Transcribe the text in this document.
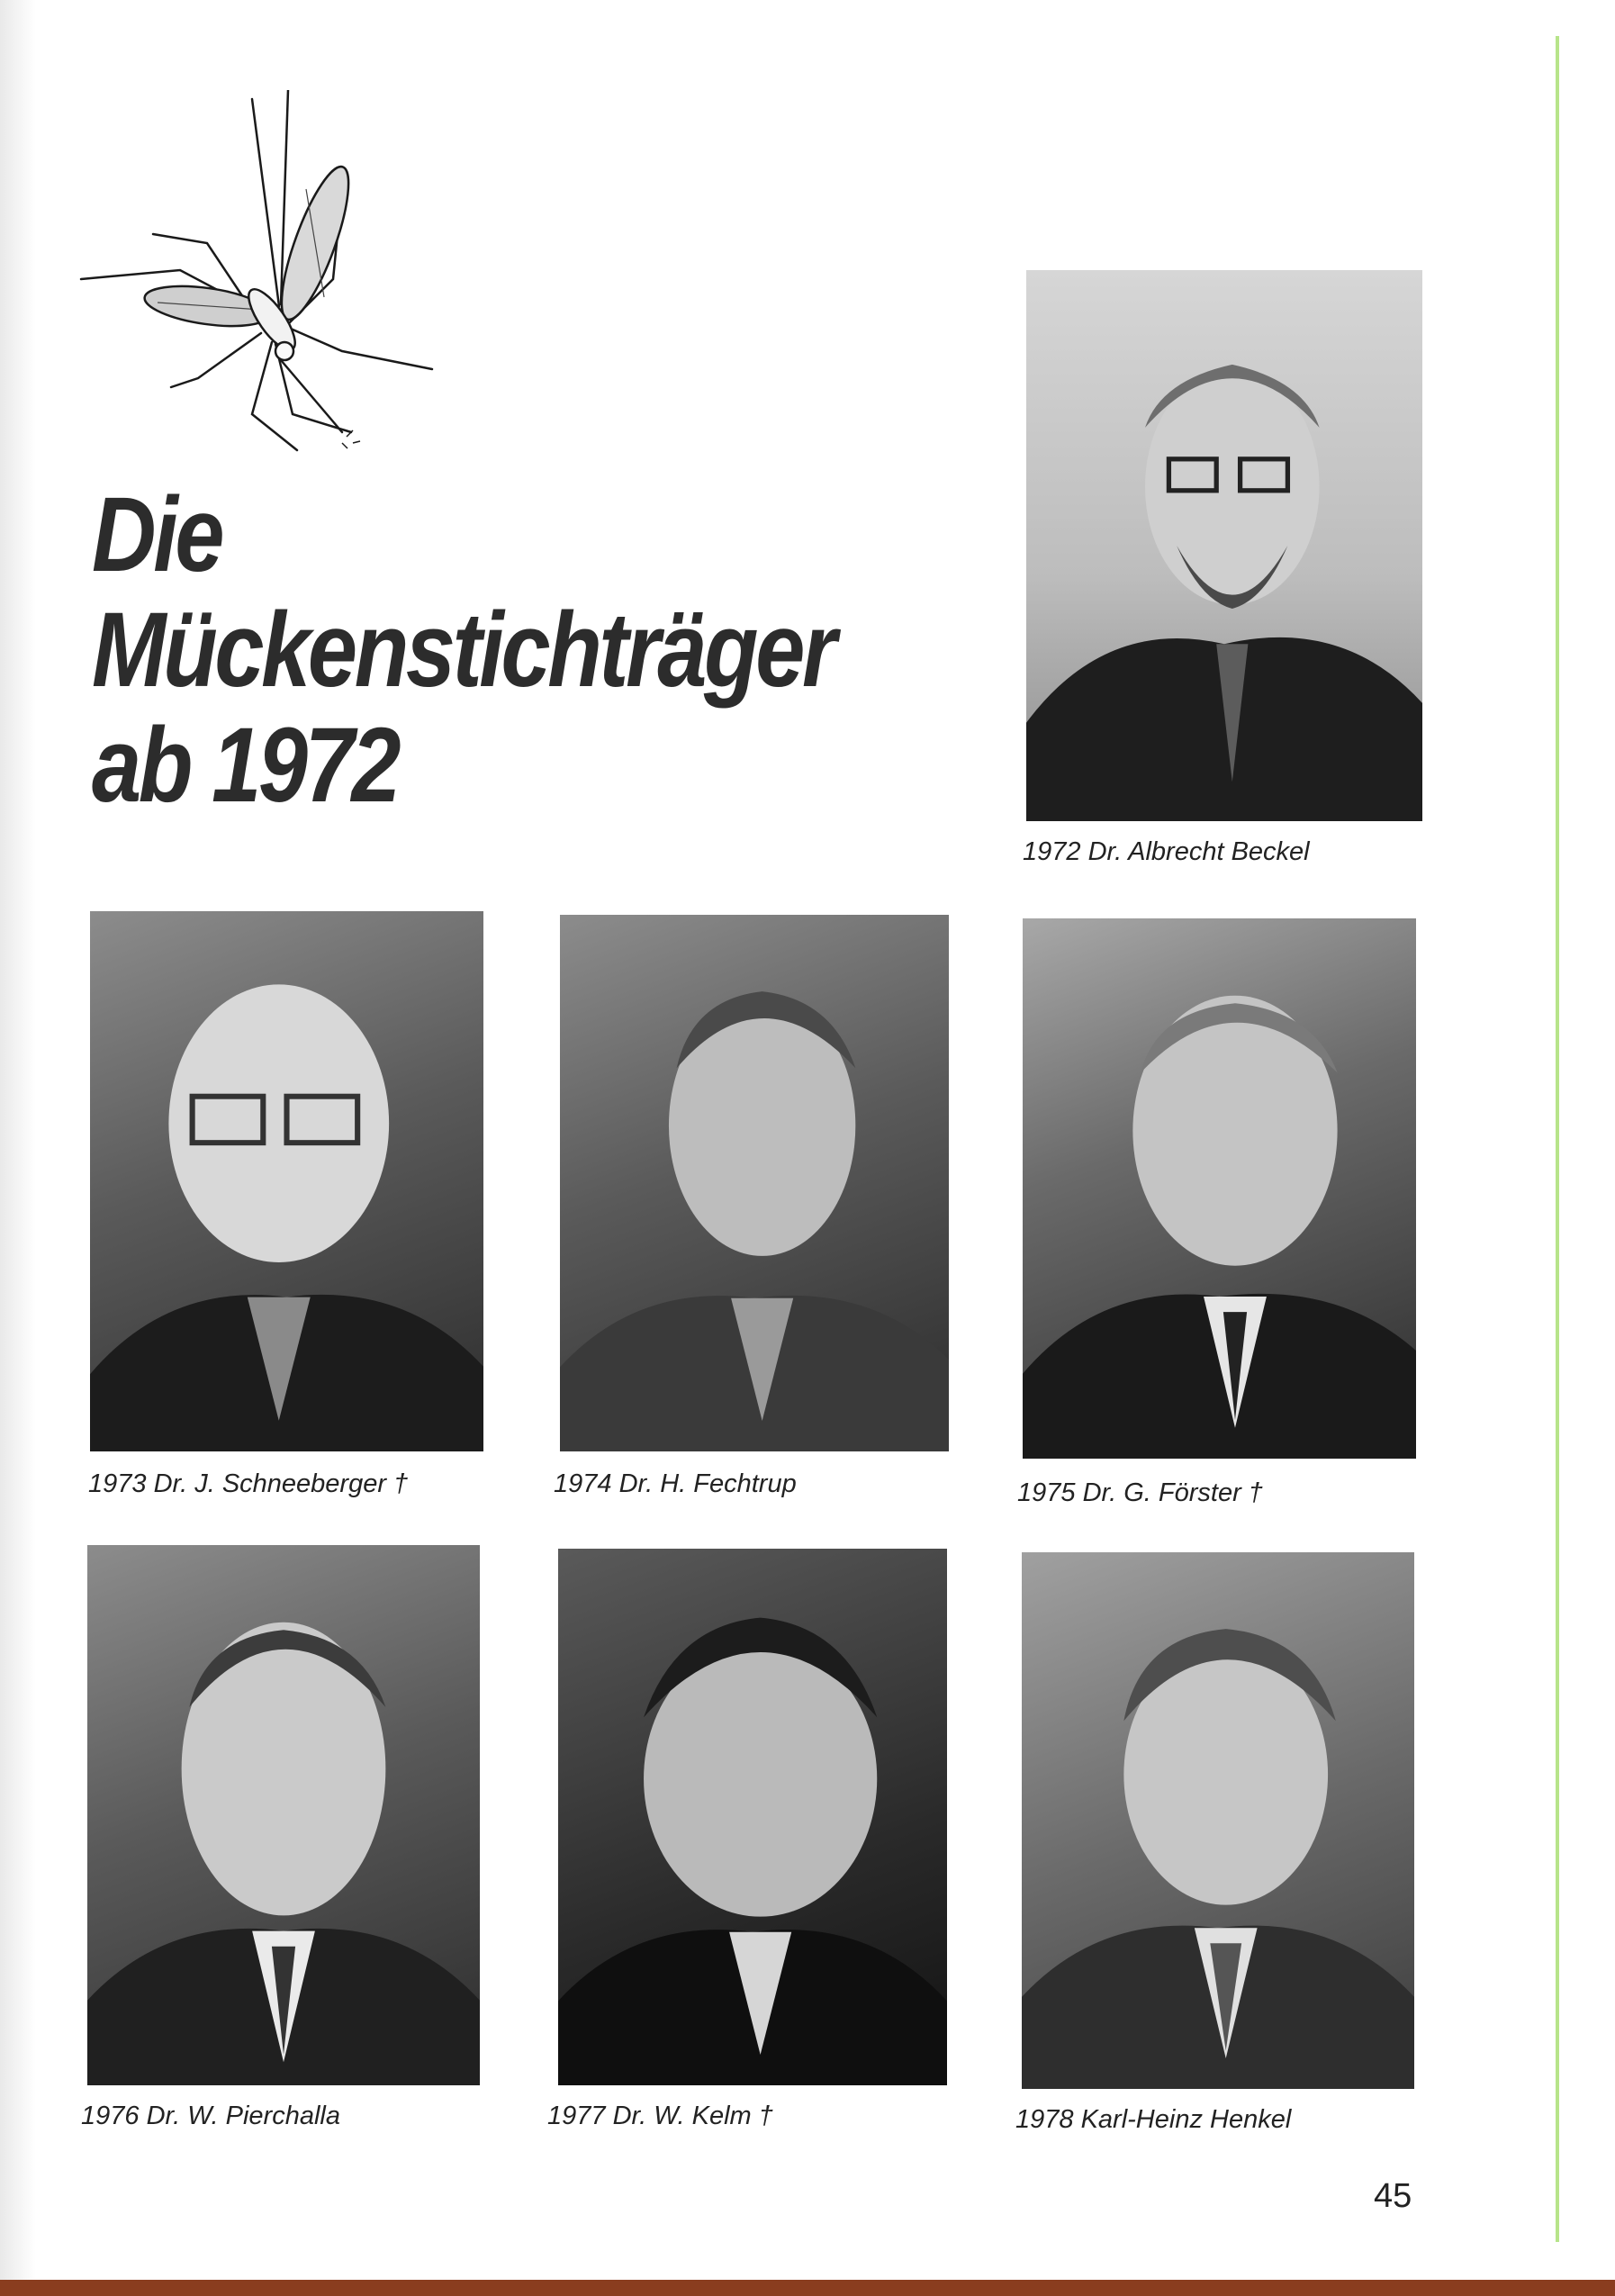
Die
Mückenstichträger
ab 1972
1972 Dr. Albrecht Beckel
1973 Dr. J. Schneeberger †	1974 Dr. H. Fechtrup	1975 Dr. G. Förster †
1976 Dr. W. Pierchalla	1977 Dr. W. Kelm †	1978 Karl-Heinz Henkel
45
